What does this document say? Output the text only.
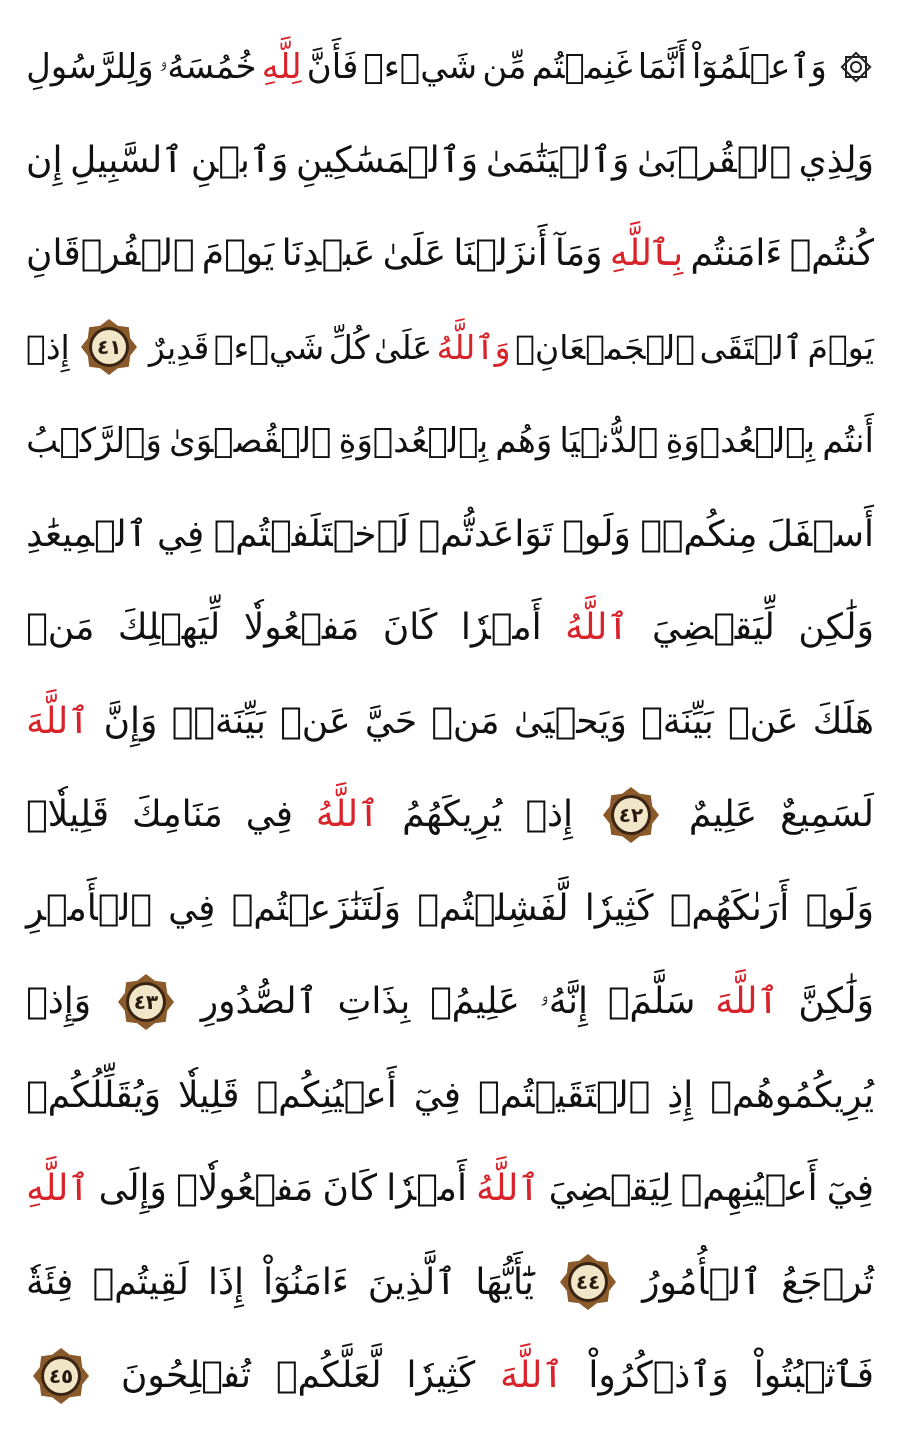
وَٱعۡلَمُوٓاْ
أَنَّمَا
غَنِمۡتُم
مِّن
شَيۡءٖ
فَأَنَّ
لِلَّهِ
خُمُسَهُۥ
وَلِلرَّسُولِ
وَلِذِي
ٱلۡقُرۡبَىٰ
وَٱلۡيَتَٰمَىٰ
وَٱلۡمَسَٰكِينِ
وَٱبۡنِ
ٱلسَّبِيلِ
إِن
كُنتُمۡ
ءَامَنتُم
بِٱللَّهِ
وَمَآ
أَنزَلۡنَا
عَلَىٰ
عَبۡدِنَا
يَوۡمَ
ٱلۡفُرۡقَانِ
يَوۡمَ
ٱلۡتَقَى
ٱلۡجَمۡعَانِۗ
وَٱللَّهُ
عَلَىٰ
كُلِّ
شَيۡءٖ
قَدِيرٌ
٤١
إِذۡ
أَنتُم
بِٱلۡعُدۡوَةِ
ٱلدُّنۡيَا
وَهُم
بِٱلۡعُدۡوَةِ
ٱلۡقُصۡوَىٰ
وَٱلرَّكۡبُ
أَسۡفَلَ
مِنكُمۡۚ
وَلَوۡ
تَوَاعَدتُّمۡ
لَٱخۡتَلَفۡتُمۡ
فِي
ٱلۡمِيعَٰدِ
وَلَٰكِن
لِّيَقۡضِيَ
ٱللَّهُ
أَمۡرٗا
كَانَ
مَفۡعُولٗا
لِّيَهۡلِكَ
مَنۡ
هَلَكَ
عَنۢ
بَيِّنَةٖ
وَيَحۡيَىٰ
مَنۡ
حَيَّ
عَنۢ
بَيِّنَةٖۗ
وَإِنَّ
ٱللَّهَ
لَسَمِيعٌ
عَلِيمٌ
٤٢
إِذۡ
يُرِيكَهُمُ
ٱللَّهُ
فِي
مَنَامِكَ
قَلِيلٗاۖ
وَلَوۡ
أَرَىٰكَهُمۡ
كَثِيرٗا
لَّفَشِلۡتُمۡ
وَلَتَنَٰزَعۡتُمۡ
فِي
ٱلۡأَمۡرِ
وَلَٰكِنَّ
ٱللَّهَ
سَلَّمَۚ
إِنَّهُۥ
عَلِيمُۢ
بِذَاتِ
ٱلصُّدُورِ
٤٣
وَإِذۡ
يُرِيكُمُوهُمۡ
إِذِ
ٱلۡتَقَيۡتُمۡ
فِيٓ
أَعۡيُنِكُمۡ
قَلِيلٗا
وَيُقَلِّلُكُمۡ
فِيٓ
أَعۡيُنِهِمۡ
لِيَقۡضِيَ
ٱللَّهُ
أَمۡرٗا
كَانَ
مَفۡعُولٗاۗ
وَإِلَى
ٱللَّهِ
تُرۡجَعُ
ٱلۡأُمُورُ
٤٤
يَٰٓأَيُّهَا
ٱلَّذِينَ
ءَامَنُوٓاْ
إِذَا
لَقِيتُمۡ
فِئَةٗ
فَٱثۡبُتُواْ
وَٱذۡكُرُواْ
ٱللَّهَ
كَثِيرٗا
لَّعَلَّكُمۡ
تُفۡلِحُونَ
٤٥
